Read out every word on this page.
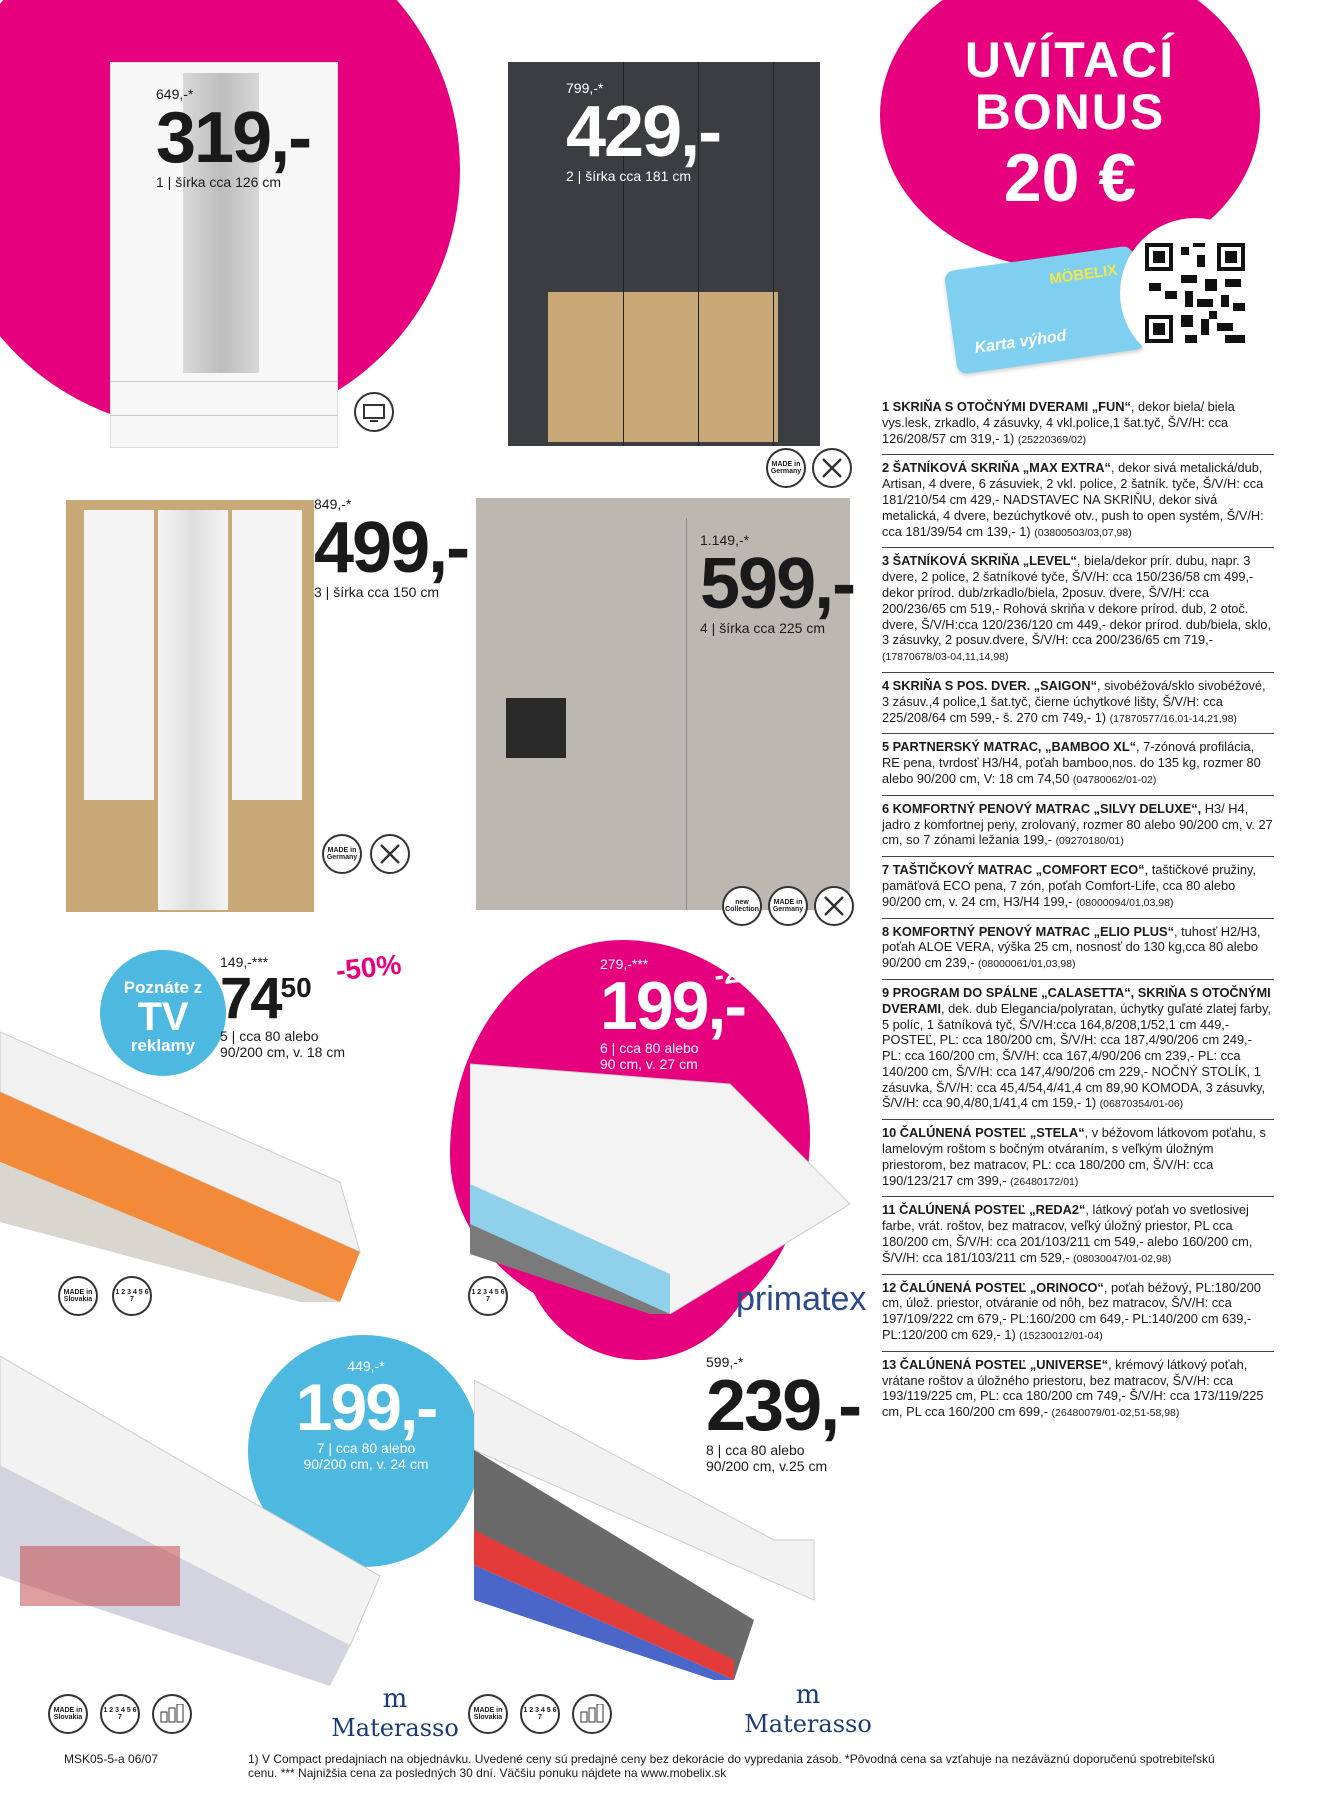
UVÍTACÍ
BONUS
20 €
MÖBELIX
Karta výhod
649,-*
319,-
1 | šírka cca 126 cm
799,-*
429,-
2 | šírka cca 181 cm
MADE in Germany
849,-*
499,-
3 | šírka cca 150 cm
MADE in Germany
1.149,-*
599,-
4 | šírka cca 225 cm
new Collection
MADE in Germany
Poznáte z
TV
reklamy
149,-***
74 50
5 | cca 80 alebo
90/200 cm, v. 18 cm
-50%
MADE in Slovakia
1 2 3 4 5 6 7
279,-***
199,-
6 | cca 80 alebo
90 cm, v. 27 cm
-28%
1 2 3 4 5 6 7	primatex
449,-*
199,-
7 | cca 80 alebo
90/200 cm, v. 24 cm
MADE in Slovakia
1 2 3 4 5 6 7
m
Materasso
599,-*
239,-
8 | cca 80 alebo
90/200 cm, v.25 cm
MADE in Slovakia
1 2 3 4 5 6 7
m
Materasso
1 SKRIŇA S OTOČNÝMI DVERAMI „FUN“, dekor biela/ biela vys.lesk, zrkadlo, 4 zásuvky, 4 vkl.police,1 šat.tyč, Š/V/H: cca 126/208/57 cm 319,- 1) (25220369/02)
2 ŠATNÍKOVÁ SKRIŇA „MAX EXTRA“, dekor sivá metalická/dub, Artisan, 4 dvere, 6 zásuviek, 2 vkl. police, 2 šatník. tyče, Š/V/H: cca 181/210/54 cm 429,- NADSTAVEC NA SKRIŇU, dekor sivá metalická, 4 dvere, bezúchytkové otv., push to open systém, Š/V/H: cca 181/39/54 cm 139,- 1) (03800503/03,07,98)
3 ŠATNÍKOVÁ SKRIŇA „LEVEL“, biela/dekor prír. dubu, napr. 3 dvere, 2 police, 2 šatníkové tyče, Š/V/H: cca 150/236/58 cm 499,- dekor prírod. dub/zrkadlo/biela, 2posuv. dvere, Š/V/H: cca 200/236/65 cm 519,- Rohová skriňa v dekore prírod. dub, 2 otoč. dvere, Š/V/H:cca 120/236/120 cm 449,- dekor prírod. dub/biela, sklo, 3 zásuvky, 2 posuv.dvere, Š/V/H: cca 200/236/65 cm 719,- (17870678/03-04,11,14,98)
4 SKRIŇA S POS. DVER. „SAIGON“, sivobéžová/sklo sivobéžové, 3 zásuv.,4 police,1 šat.tyč, čierne úchytkové lišty, Š/V/H: cca 225/208/64 cm 599,- š. 270 cm 749,- 1) (17870577/16,01-14,21,98)
5 PARTNERSKÝ MATRAC, „BAMBOO XL“, 7-zónová profilácia, RE pena, tvrdosť H3/H4, poťah bamboo,nos. do 135 kg, rozmer 80 alebo 90/200 cm, V: 18 cm 74,50 (04780062/01-02)
6 KOMFORTNÝ PENOVÝ MATRAC „SILVY DELUXE“, H3/ H4, jadro z komfortnej peny, zrolovaný, rozmer 80 alebo 90/200 cm, v. 27 cm, so 7 zónami ležania 199,- (09270180/01)
7 TAŠTIČKOVÝ MATRAC „COMFORT ECO“, taštičkové pružiny, pamäťová ECO pena, 7 zón, poťah Comfort-Life, cca 80 alebo 90/200 cm, v. 24 cm, H3/H4 199,- (08000094/01,03,98)
8 KOMFORTNÝ PENOVÝ MATRAC „ELIO PLUS“, tuhosť H2/H3, poťah ALOE VERA, výška 25 cm, nosnosť do 130 kg,cca 80 alebo 90/200 cm 239,- (08000061/01,03,98)
9 PROGRAM DO SPÁLNE „CALASETTA“, SKRIŇA S OTOČNÝMI DVERAMI, dek. dub Elegancia/polyratan, úchytky guľaté zlatej farby, 5 políc, 1 šatníková tyč, Š/V/H:cca 164,8/208,1/52,1 cm 449,- POSTEĽ, PL: cca 180/200 cm, Š/V/H: cca 187,4/90/206 cm 249,- PL: cca 160/200 cm, Š/V/H: cca 167,4/90/206 cm 239,- PL: cca 140/200 cm, Š/V/H: cca 147,4/90/206 cm 229,- NOČNÝ STOLÍK, 1 zásuvka, Š/V/H: cca 45,4/54,4/41,4 cm 89,90 KOMODA, 3 zásuvky, Š/V/H: cca 90,4/80,1/41,4 cm 159,- 1) (06870354/01-06)
10 ČALÚNENÁ POSTEĽ „STELA“, v béžovom látkovom poťahu, s lamelovým roštom s bočným otváraním, s veľkým úložným priestorom, bez matracov, PL: cca 180/200 cm, Š/V/H: cca 190/123/217 cm 399,- (26480172/01)
11 ČALÚNENÁ POSTEĽ „REDA2“, látkový poťah vo svetlosivej farbe, vrát. roštov, bez matracov, veľký úložný priestor, PL cca 180/200 cm, Š/V/H: cca 201/103/211 cm 549,- alebo 160/200 cm, Š/V/H: cca 181/103/211 cm 529,- (08030047/01-02,98)
12 ČALÚNENÁ POSTEĽ „ORINOCO“, poťah béžový, PL:180/200 cm, úlož. priestor, otváranie od nôh, bez matracov, Š/V/H: cca 197/109/222 cm 679,- PL:160/200 cm 649,- PL:140/200 cm 639,- PL:120/200 cm 629,- 1) (15230012/01-04)
13 ČALÚNENÁ POSTEĽ „UNIVERSE“, krémový látkový poťah, vrátane roštov a úložného priestoru, bez matracov, Š/V/H: cca 193/119/225 cm, PL: cca 180/200 cm 749,- Š/V/H: cca 173/119/225 cm, PL cca 160/200 cm 699,- (26480079/01-02,51-58,98)
MSK05-5-a 06/07	1) V Compact predajniach na objednávku. Uvedené ceny sú predajné ceny bez dekorácie do vypredania zásob. *Pôvodná cena sa vzťahuje na nezáväznú doporučenú spotrebiteľskú cenu. *** Najnižšia cena za posledných 30 dní. Väčšiu ponuku nájdete na www.mobelix.sk
